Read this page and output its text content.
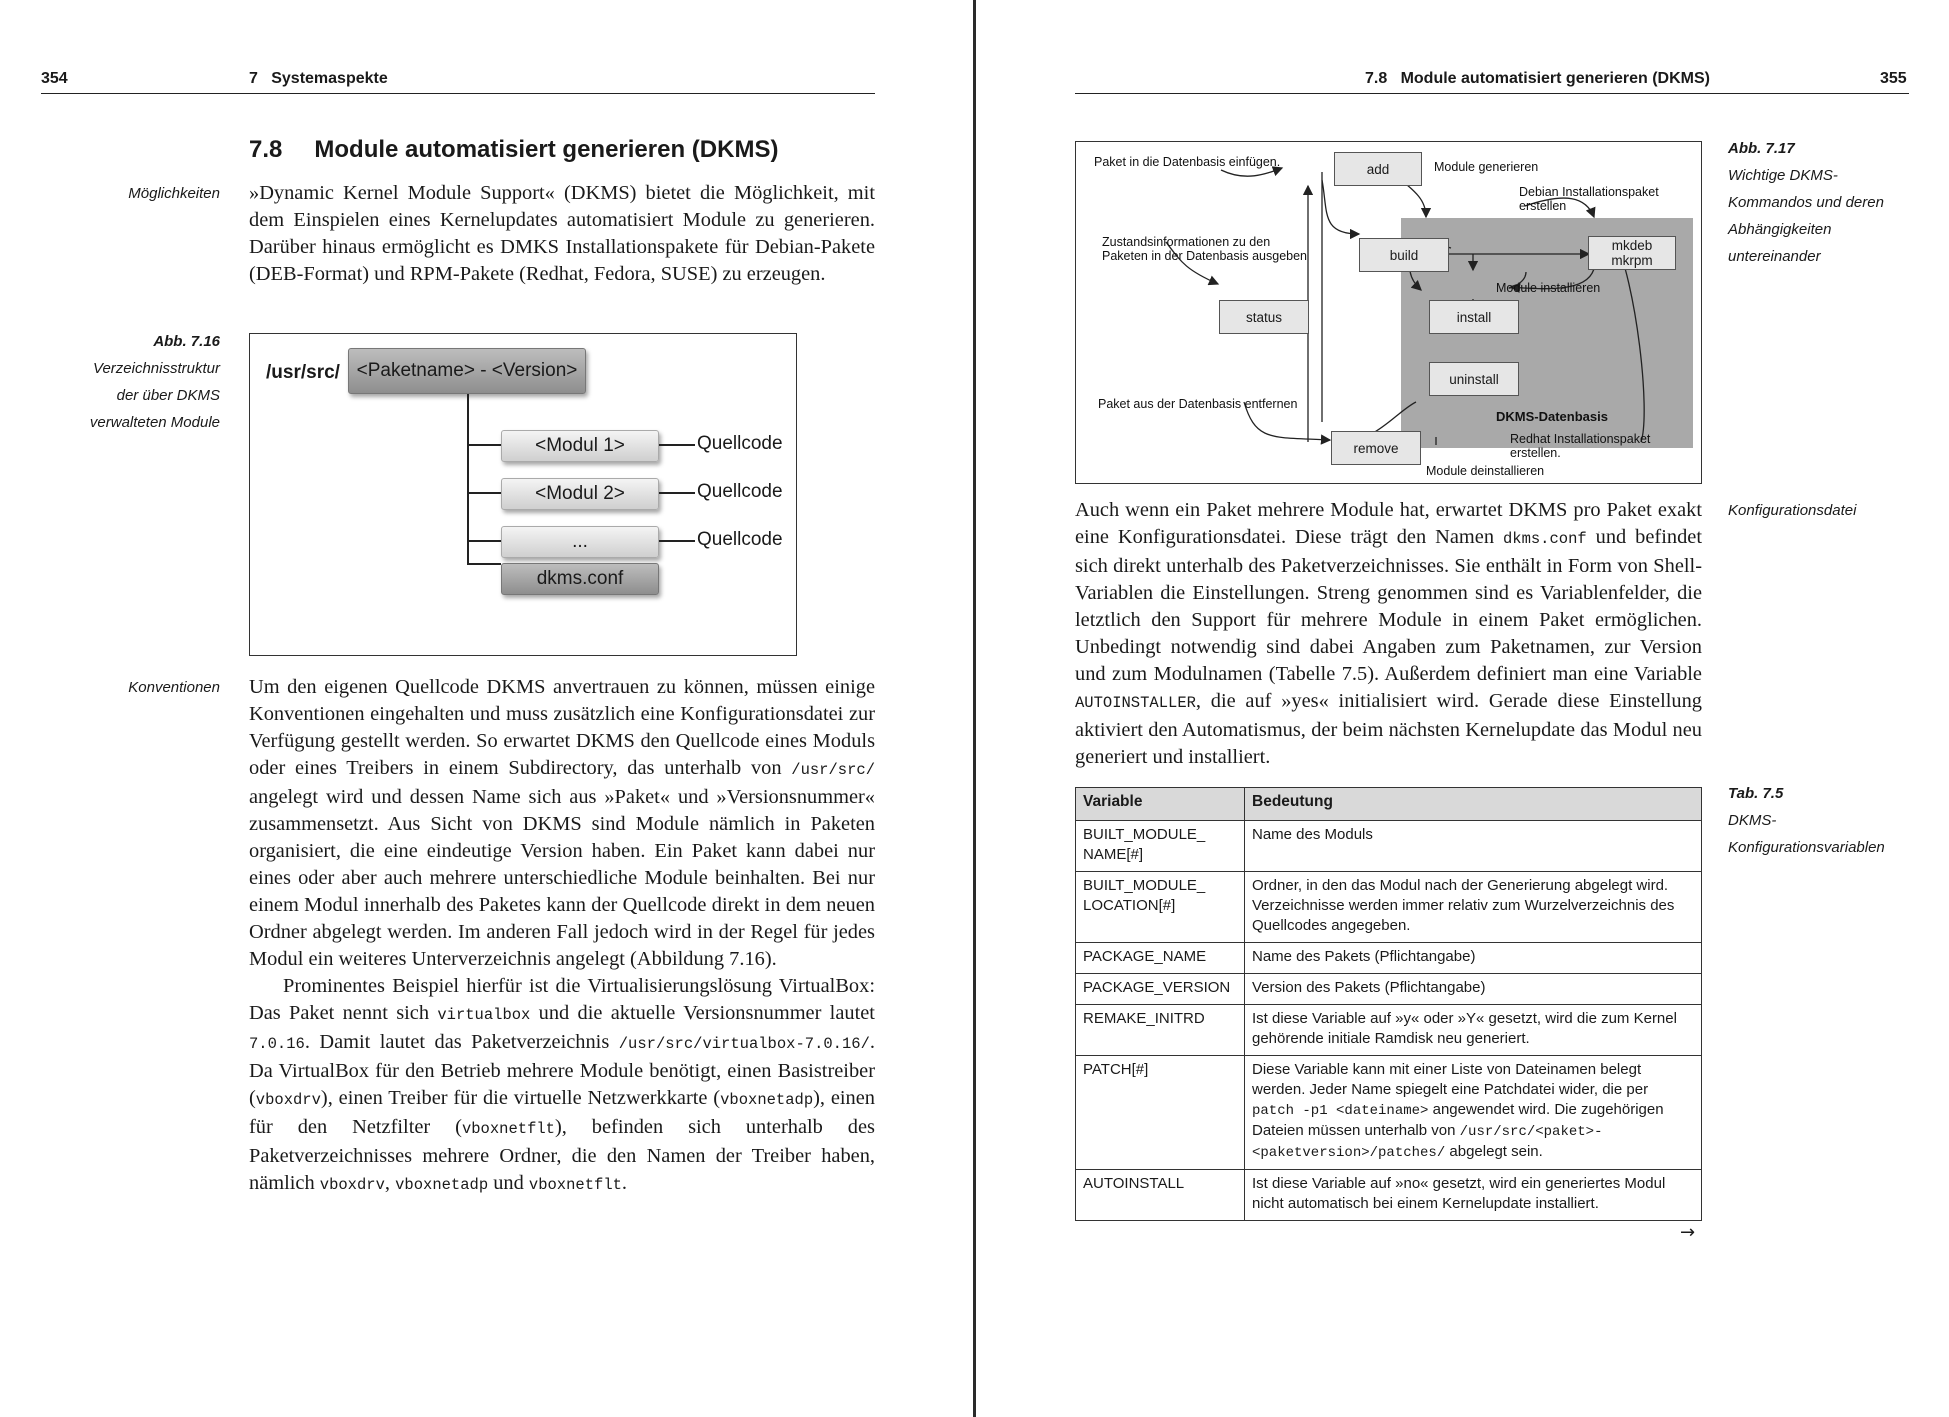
354	7   Systemaspekte
7.8 Module automatisiert generieren (DKMS)
Möglichkeiten »Dynamic Kernel Module Support« (DKMS) bietet die Möglichkeit, mit dem Einspielen eines Kernelupdates automatisiert Module zu generieren. Darüber hinaus ermöglicht es DMKS Installationspakete für Debian-Pakete (DEB-Format) und RPM-Pakete (Redhat, Fedora, SUSE) zu erzeugen.

Abb. 7.16
Verzeichnisstruktur der über DKMS verwalteten Module
/usr/src/ <Paketname> - <Version>
<Modul 1>
<Modul 2>
...
dkms.conf
Quellcode
Quellcode
Quellcode
Konventionen Um den eigenen Quellcode DKMS anvertrauen zu können, müssen einige Konventionen eingehalten und muss zusätzlich eine Konfigurationsdatei zur Verfügung gestellt werden. So erwartet DKMS den Quellcode eines Moduls oder eines Treibers in einem Subdirectory, das unterhalb von /usr/src/ angelegt wird und dessen Name sich aus »Paket« und »Versionsnummer« zusammensetzt. Aus Sicht von DKMS sind Module nämlich in Paketen organisiert, die eine eindeutige Version haben. Ein Paket kann dabei nur eines oder aber auch mehrere unterschiedliche Module beinhalten. Bei nur einem Modul innerhalb des Paketes kann der Quellcode direkt in dem neuen Ordner abgelegt werden. Im anderen Fall jedoch wird in der Regel für jedes Modul ein weiteres Unterverzeichnis angelegt (Abbildung 7.16).

Prominentes Beispiel hierfür ist die Virtualisierungslösung VirtualBox: Das Paket nennt sich virtualbox und die aktuelle Versionsnummer lautet 7.0.16. Damit lautet das Paketverzeichnis /usr/src/virtualbox-7.0.16/. Da VirtualBox für den Betrieb mehrere Module benötigt, einen Basistreiber (vboxdrv), einen Treiber für die virtuelle Netzwerkkarte (vboxnetadp), einen für den Netzfilter (vboxnetflt), befinden sich unterhalb des Paketverzeichnisses mehrere Ordner, die den Namen der Treiber haben, nämlich vboxdrv, vboxnetadp und vboxnetflt.

7.8   Module automatisiert generieren (DKMS)	355
add
build
mkdeb
mkrpm
install
status
uninstall
remove
DKMS-Datenbasis
Paket in die Datenbasis einfügen.	Module generieren
Debian Installationspaket
erstellen
Zustandsinformationen zu den
Paketen in der Datenbasis ausgeben
Module installieren
Paket aus der Datenbasis entfernen
Redhat Installationspaket
erstellen.
Module deinstallieren
Abb. 7.17
Wichtige DKMS-Kommandos und deren Abhängigkeiten untereinander
Konfigurationsdatei

Auch wenn ein Paket mehrere Module hat, erwartet DKMS pro Paket exakt eine Konfigurationsdatei. Diese trägt den Namen dkms.conf und befindet sich direkt unterhalb des Paketverzeichnisses. Sie enthält in Form von Shell-Variablen die Einstellungen. Streng genommen sind es Variablenfelder, die letztlich den Support für mehrere Module in einem Paket ermöglichen. Unbedingt notwendig sind dabei Angaben zum Paketnamen, zur Version und zum Modulnamen (Tabelle 7.5). Außerdem definiert man eine Variable AUTOINSTALLER, die auf »yes« initialisiert wird. Gerade diese Einstellung aktiviert den Automatismus, der beim nächsten Kernelupdate das Modul neu generiert und installiert.

Tab. 7.5
DKMS-Konfigurationsvariablen
Variable	Bedeutung
BUILT_MODULE_
NAME[#]	Name des Moduls
BUILT_MODULE_
LOCATION[#]	Ordner, in den das Modul nach der Generierung abgelegt wird. Verzeichnisse werden immer relativ zum Wurzelverzeichnis des Quellcodes angegeben.
PACKAGE_NAME	Name des Pakets (Pflichtangabe)
PACKAGE_VERSION	Version des Pakets (Pflichtangabe)
REMAKE_INITRD	Ist diese Variable auf »y« oder »Y« gesetzt, wird die zum Kernel gehörende initiale Ramdisk neu generiert.
PATCH[#]	Diese Variable kann mit einer Liste von Dateinamen belegt werden. Jeder Name spiegelt eine Patchdatei wider, die per patch -p1 <dateiname> angewendet wird. Die zugehörigen Dateien müssen unterhalb von /usr/src/<paket>-<paketversion>/patches/ abgelegt sein.
AUTOINSTALL	Ist diese Variable auf »no« gesetzt, wird ein generiertes Modul nicht automatisch bei einem Kernelupdate installiert.
→
